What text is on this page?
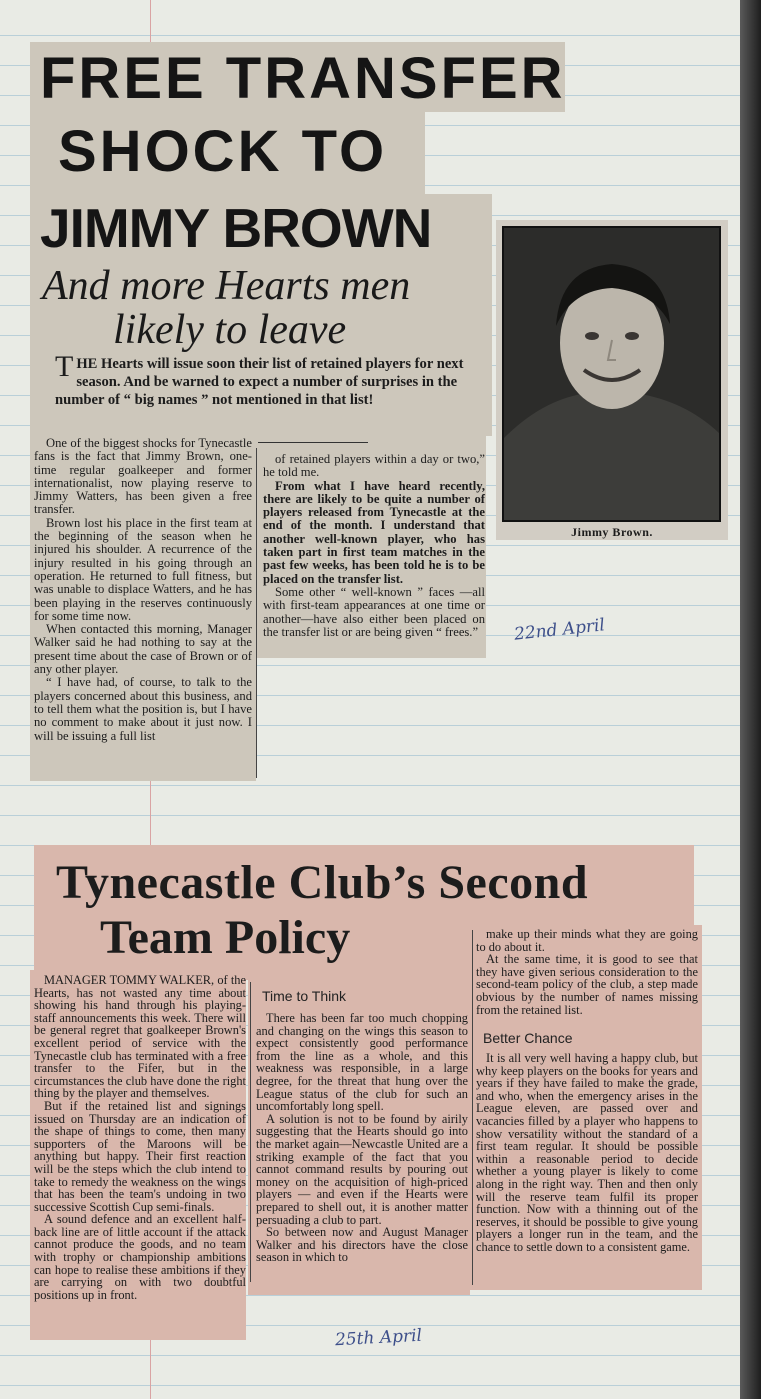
FREE TRANSFER
SHOCK TO
JIMMY BROWN
And more Hearts men
likely to leave
THE Hearts will issue soon their list of retained players for next season. And be warned to expect a number of surprises in the number of “ big names ” not mentioned in that list!

One of the biggest shocks for Tynecastle fans is the fact that Jimmy Brown, one-time regular goalkeeper and former internationalist, now playing reserve to Jimmy Watters, has been given a free transfer.

Brown lost his place in the first team at the beginning of the season when he injured his shoulder. A recurrence of the injury resulted in his going through an operation. He returned to full fitness, but was unable to displace Watters, and he has been playing in the reserves continuously for some time now.

When contacted this morning, Manager Walker said he had nothing to say at the present time about the case of Brown or of any other player.

“ I have had, of course, to talk to the players concerned about this business, and to tell them what the position is, but I have no comment to make about it just now. I will be issuing a full list

of retained players within a day or two,” he told me.

From what I have heard recently, there are likely to be quite a number of players released from Tynecastle at the end of the month. I understand that another well-known player, who has taken part in first team matches in the past few weeks, has been told he is to be placed on the transfer list.

Some other “ well-known ” faces —all with first-team appearances at one time or another—have also either been placed on the transfer list or are being given “ frees.”

Jimmy Brown.
22nd April
Tynecastle Club’s Second
Team Policy

MANAGER TOMMY WALKER, of the Hearts, has not wasted any time about showing his hand through his playing-staff announcements this week. There will be general regret that goalkeeper Brown's excellent period of service with the Tynecastle club has terminated with a free transfer to the Fifer, but in the circumstances the club have done the right thing by the player and themselves.

But if the retained list and signings issued on Thursday are an indication of the shape of things to come, then many supporters of the Maroons will be anything but happy. Their first reaction will be the steps which the club intend to take to remedy the weakness on the wings that has been the team's undoing in two successive Scottish Cup semi-finals.

A sound defence and an excellent half-back line are of little account if the attack cannot produce the goods, and no team with trophy or championship ambitions can hope to realise these ambitions if they are carrying on with two doubtful positions up in front.

Time to Think

There has been far too much chopping and changing on the wings this season to expect consistently good performance from the line as a whole, and this weakness was responsible, in a large degree, for the threat that hung over the League status of the club for such an uncomfortably long spell.

A solution is not to be found by airily suggesting that the Hearts should go into the market again—Newcastle United are a striking example of the fact that you cannot command results by pouring out money on the acquisition of high-priced players — and even if the Hearts were prepared to shell out, it is another matter persuading a club to part.

So between now and August Manager Walker and his directors have the close season in which to

make up their minds what they are going to do about it.

At the same time, it is good to see that they have given serious consideration to the second-team policy of the club, a step made obvious by the number of names missing from the retained list.

Better Chance

It is all very well having a happy club, but why keep players on the books for years and years if they have failed to make the grade, and who, when the emergency arises in the League eleven, are passed over and vacancies filled by a player who happens to show versatility without the standard of a first team regular. It should be possible within a reasonable period to decide whether a young player is likely to come along in the right way. Then and then only will the reserve team fulfil its proper function. Now with a thinning out of the reserves, it should be possible to give young players a longer run in the team, and the chance to settle down to a consistent game.

25th April
